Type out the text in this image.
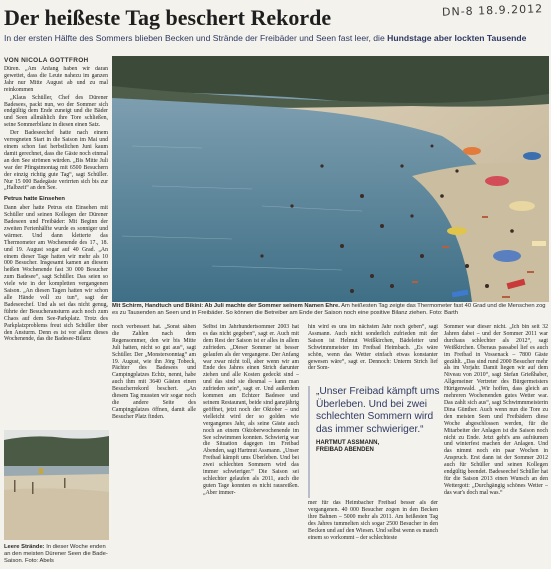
DN-8 18.9.2012
Der heißeste Tag beschert Rekorde
In der ersten Hälfte des Sommers blieben Becken und Strände der Freibäder und Seen fast leer, die Hundstage aber lockten Tausende
VON NICOLA GOTTFROH

Düren. „Am Anfang haben wir daran gewettet, dass die Leute nahezu im ganzen Jahr nur Mitte August ab und zu mal reinkommen

„Klaus Schüller, Chef des Dürener Badesees, packt nun, wo der Sommer sich endgültig dem Ende zuneigt und die Bäder und Seen allmählich ihre Tore schließen, seine Sommerbilanz in diesen einen Satz.

Der Badeseechef hatte nach einem verregneten Start in die Saison im Mai und einem schon fast herbstlichen Juni kaum damit gerechnet, dass die Gäste noch einmal an den See strömen würden. „Bis Mitte Juli war der Pfingstmontag mit 6500 Besuchern der einzig richtig gute Tag“, sagt Schüller. Nur 15 000 Badegäste verirrten sich bis zur „Halbzeit“ an den See.

Petrus hatte Einsehen

Dann aber hatte Petrus ein Einsehen mit Schüller und seinen Kollegen der Dürener Badeseen und Freibäder: Mit Beginn der zweiten Ferienhälfte wurde es sonniger und wärmer. Und dann kletterte das Thermometer am Wochenende des 17., 18. und 19. August sogar auf 40 Grad. „An einem dieser Tage hatten wir mehr als 10 000 Besucher. Insgesamt kamen an diesem heißen Wochenende fast 30 000 Besucher zum Badesee“, sagt Schüller. Das seien so viele wie in der kompletten vergangenen Saison. „An diesen Tagen hatten wir schon alle Hände voll zu tun“, sagt der Badeseechef. Und als sei das nicht genug, führte der Besucheransturm auch noch zum Chaos auf dem See-Parkplatz. Trotz des Parkplatzproblems freut sich Schüller über den Ansturm. Denn es ist vor allem dieses Wochenende, das die Badesee-Bilanz

Mit Schirm, Handtuch und Bikini: Ab Juli machte der Sommer seinem Namen Ehre. Am heißesten Tag zeigte das Thermometer fast 40 Grad und die Menschen zog es zu Tausenden an Seen und in Freibäder. So können die Betreiber am Ende der Saison noch eine positive Bilanz ziehen. Foto: Barth

noch verbessert hat. „Sonst sähen die Zahlen nach dem Regensommer, den wir bis Mitte Juli hatten, nicht so gut aus“, sagt Schüller. Der „Monstersonntag“ am 19. August, wie ihn Jörg Tobeck, Pächter des Badesees und Campingplatzes Echtz, nennt, habe auch ihm mit 3640 Gästen einen Besucherrekord beschert. „An diesem Tag mussten wir sogar noch die andere Seite des Campingplatzes öffnen, damit alle Besucher Platz finden.

Selbst im Jahrhundertsommer 2003 hat es das nicht gegeben“, sagt er. Auch mit dem Rest der Saison ist er alles in allem zufrieden. „Dieser Sommer ist besser gelaufen als der vergangene. Der Anfang war zwar nicht toll, aber wenn wir am Ende des Jahres einen Strich darunter ziehen und alle Kosten gedeckt sind – und das sind sie diesmal – kann man zufrieden sein“, sagt er. Und außerdem kommen am Echtzer Badesee und seinem Restaurant, beide sind ganzjährig geöffnet, jetzt noch der Oktober – und vielleicht wird der so golden wie vergangenes Jahr, als seine Gäste auch noch an einem Oktoberwochenende im See schwimmen konnten. Schwierig war die Situation dagegen im Freibad Abenden, sagt Hartmut Assmann. „Unser Freibad kämpft ums Überleben. Und bei zwei schlechten Sommern wird das immer schwieriger.“ Die Saison sei schlechter gelaufen als 2011, auch die guten Tage konnten es nicht rausreißen. „Aber immer-

hin wird es uns im nächsten Jahr noch geben“, sagt Assmann. Auch nicht sonderlich zufrieden mit der Saison ist Helmut Weißkirchen, Bädeleiter und Schwimmmeister im Freibad Heimbach. „Es wäre schön, wenn das Wetter einfach etwas konstanter gewesen wäre“, sagt er. Dennoch: Unterm Strich lief der Som-

„Unser Freibad kämpft ums Überleben. Und bei zwei schlechten Sommern wird das immer schwieriger.“
HARTMUT ASSMANN,
FREIBAD ABENDEN

mer für das Heimbacher Freibad besser als der vergangenen. 40 000 Besucher zogen in den Becken ihre Bahnen – 5000 mehr als 2011. Am heißesten Tag des Jahres tummelten sich sogar 2500 Besucher in den Becken und auf den Wiesen. Und selbst wenn es manch einem so vorkommt – der schlechteste

Sommer war dieser nicht. „Ich bin seit 32 Jahren dabei – und der Sommer 2011 war durchaus schlechter als 2012“, sagt Weißkirchen. Überaus passabel lief es auch im Freibad in Vossenack – 7800 Gäste gezählt. „Das sind rund 2000 Besucher mehr als im Vorjahr. Damit liegen wir auf dem Niveau von 2010“, sagt Stefan Grießhaber, Allgemeiner Vertreter des Bürgermeisters Hürtgenwald. „Wir hoffen, dass gleich an mehreren Wochenenden gutes Wetter war. Das zahlt sich aus“, sagt Schwimmmeisterin Dina Günther. Auch wenn nun die Tore zu den meisten Seen und Freibädern diese Woche abgeschlossen werden, für die Mitarbeiter der Anlagen ist die Saison noch nicht zu Ende. Jetzt geht's ans aufräumen und winterfest machen der Anlagen. Und das nimmt noch ein paar Wochen in Anspruch. Erst dann ist der Sommer 2012 auch für Schüller und seinen Kollegen endgültig beendet. Badeseechef Schüller hat für die Saison 2013 einen Wunsch an den Wettergott: „Durchgängig schönes Wetter – das war's doch mal was.“

Leere Strände: In dieser Woche enden an den meisten Dürener Seen die Bade-Saison. Foto: Abels
